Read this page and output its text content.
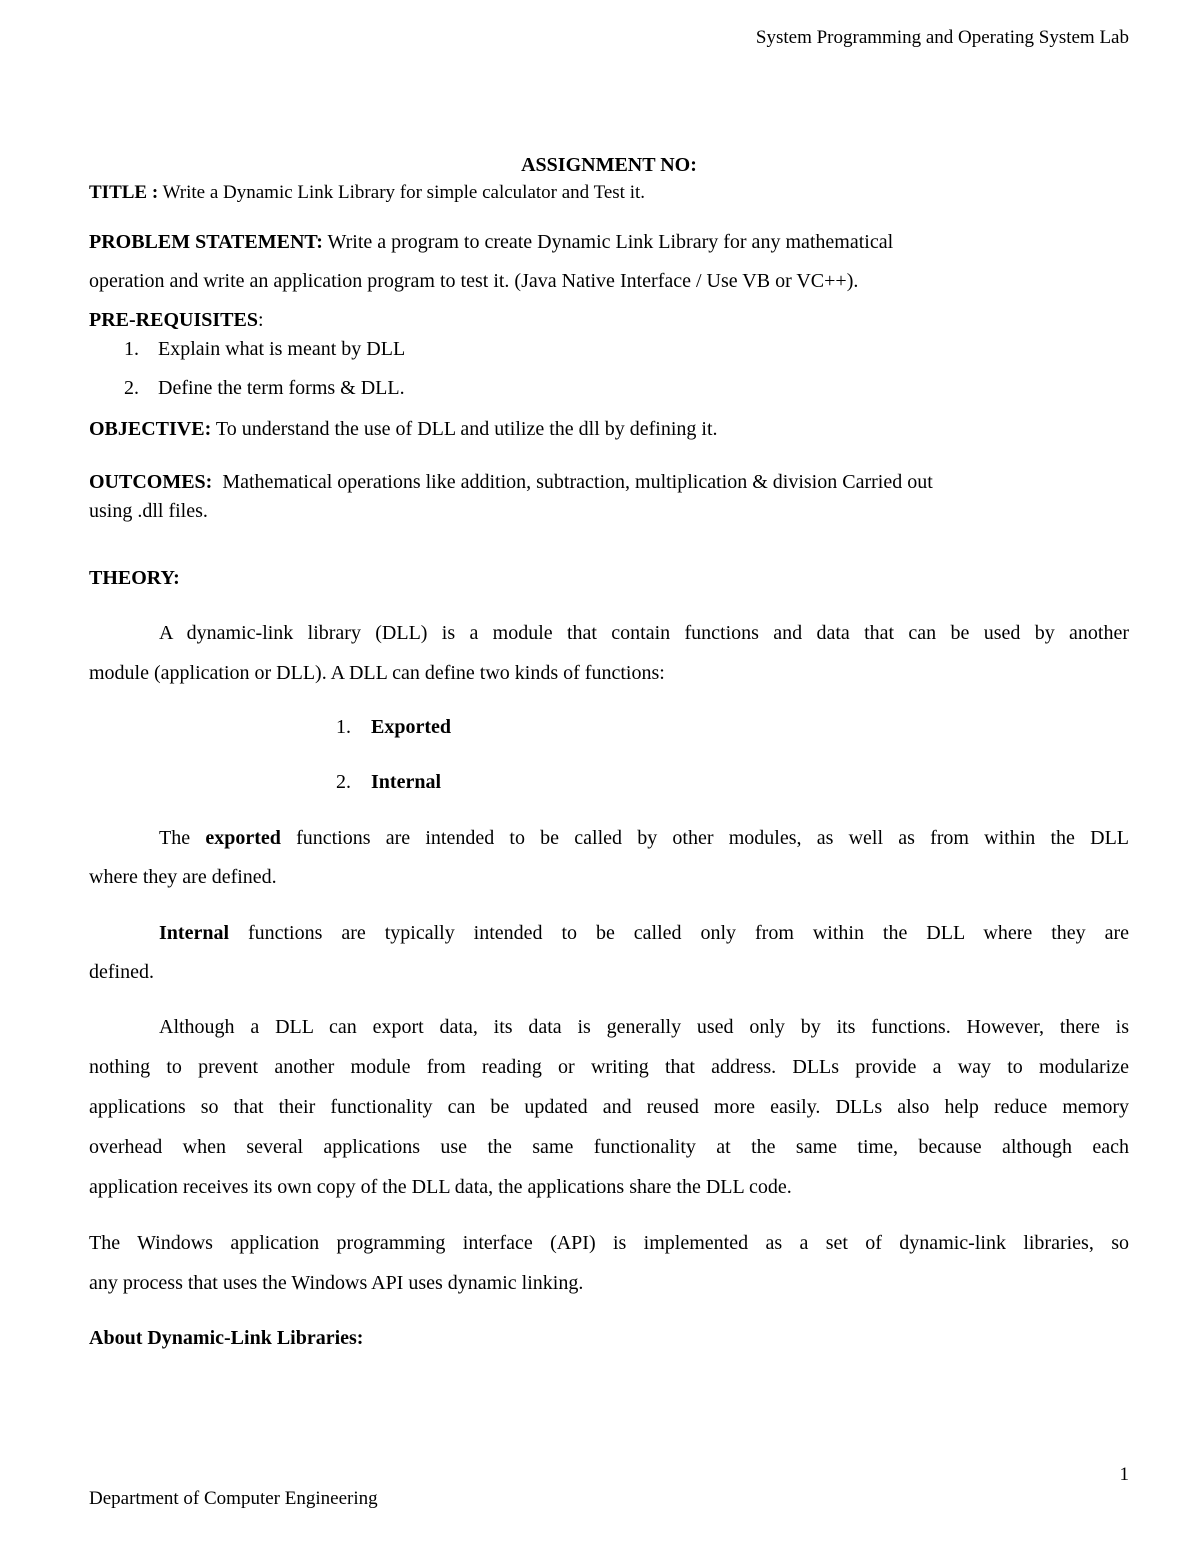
System Programming and Operating System Lab
ASSIGNMENT NO:
TITLE : Write a Dynamic Link Library for simple calculator and Test it.
PROBLEM STATEMENT: Write a program to create Dynamic Link Library for any mathematical
operation and write an application program to test it. (Java Native Interface / Use VB or VC++).
PRE-REQUISITES:
1. Explain what is meant by DLL
2. Define the term forms & DLL.
OBJECTIVE: To understand the use of DLL and utilize the dll by defining it.
OUTCOMES: Mathematical operations like addition, subtraction, multiplication & division Carried out
using .dll files.
THEORY:
A dynamic-link library (DLL) is a module that contain functions and data that can be used by another
module (application or DLL). A DLL can define two kinds of functions:
1. Exported
2. Internal
The exported functions are intended to be called by other modules, as well as from within the DLL
where they are defined.
Internal functions are typically intended to be called only from within the DLL where they are
defined.
Although a DLL can export data, its data is generally used only by its functions. However, there is
nothing to prevent another module from reading or writing that address. DLLs provide a way to modularize
applications so that their functionality can be updated and reused more easily. DLLs also help reduce memory
overhead when several applications use the same functionality at the same time, because although each
application receives its own copy of the DLL data, the applications share the DLL code.
The Windows application programming interface (API) is implemented as a set of dynamic-link libraries, so
any process that uses the Windows API uses dynamic linking.
About Dynamic-Link Libraries:
1
Department of Computer Engineering
